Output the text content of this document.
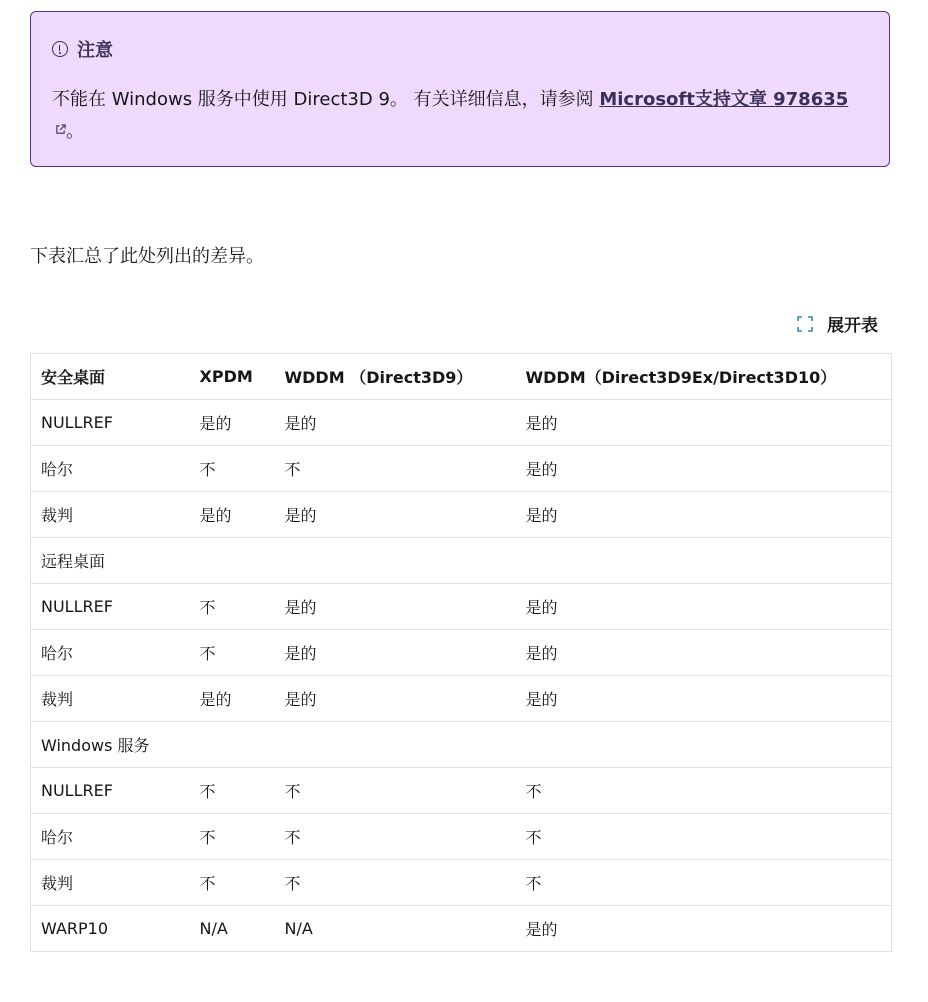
注意
不能在 Windows 服务中使用 Direct3D 9。 有关详细信息，请参阅 Microsoft支持文章 978635。
下表汇总了此处列出的差异。
展开表
安全桌面	XPDM	WDDM （Direct3D9）	WDDM（Direct3D9Ex/Direct3D10）
NULLREF	是的	是的	是的
哈尔	不	不	是的
裁判	是的	是的	是的
远程桌面			
NULLREF	不	是的	是的
哈尔	不	是的	是的
裁判	是的	是的	是的
Windows 服务			
NULLREF	不	不	不
哈尔	不	不	不
裁判	不	不	不
WARP10	N/A	N/A	是的
